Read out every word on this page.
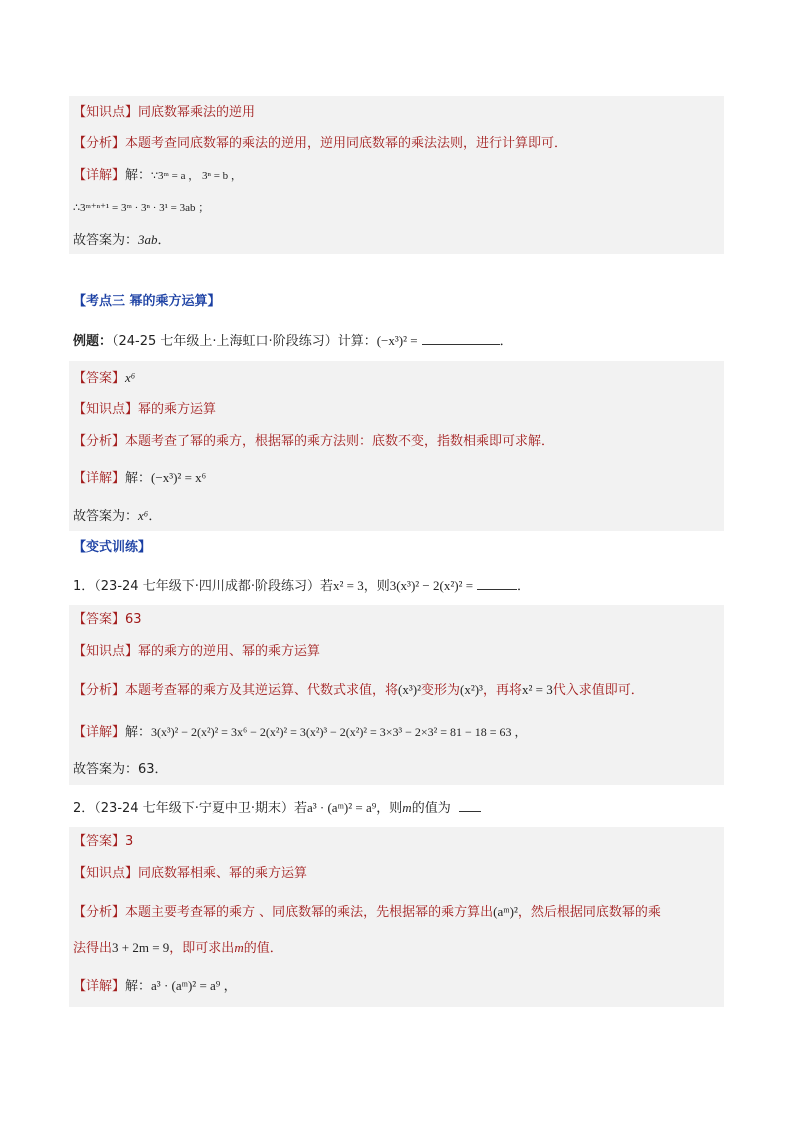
【知识点】同底数幂乘法的逆用
【分析】本题考查同底数幂的乘法的逆用，逆用同底数幂的乘法法则，进行计算即可．
【详解】解：∵3ᵐ = a ， 3ⁿ = b ，
∴3ᵐ⁺ⁿ⁺¹ = 3ᵐ · 3ⁿ · 3¹ = 3ab ；
故答案为：3ab．
【考点三 幂的乘方运算】
例题：（24-25 七年级上·上海虹口·阶段练习）计算：(−x³)² =	．
【答案】x⁶
【知识点】幂的乘方运算
【分析】本题考查了幂的乘方，根据幂的乘方法则：底数不变，指数相乘即可求解．
【详解】解：(−x³)² = x⁶
故答案为：x⁶．
【变式训练】
1．（23-24 七年级下·四川成都·阶段练习）若x² = 3，则3(x³)² − 2(x²)² =	．
【答案】63
【知识点】幂的乘方的逆用、幂的乘方运算
【分析】本题考查幂的乘方及其逆运算、代数式求值，将(x³)²变形为(x²)³，再将x² = 3代入求值即可．
【详解】解：3(x³)² − 2(x²)² = 3x⁶ − 2(x²)² = 3(x²)³ − 2(x²)² = 3×3³ − 2×3² = 81 − 18 = 63 ，
故答案为：63．
2．（23-24 七年级下·宁夏中卫·期末）若a³ · (aᵐ)² = a⁹，则m的值为
【答案】3
【知识点】同底数幂相乘、幂的乘方运算
【分析】本题主要考查幂的乘方 、同底数幂的乘法，先根据幂的乘方算出(aᵐ)²，然后根据同底数幂的乘
法得出3 + 2m = 9，即可求出m的值．
【详解】解：a³ · (aᵐ)² = a⁹ ，
